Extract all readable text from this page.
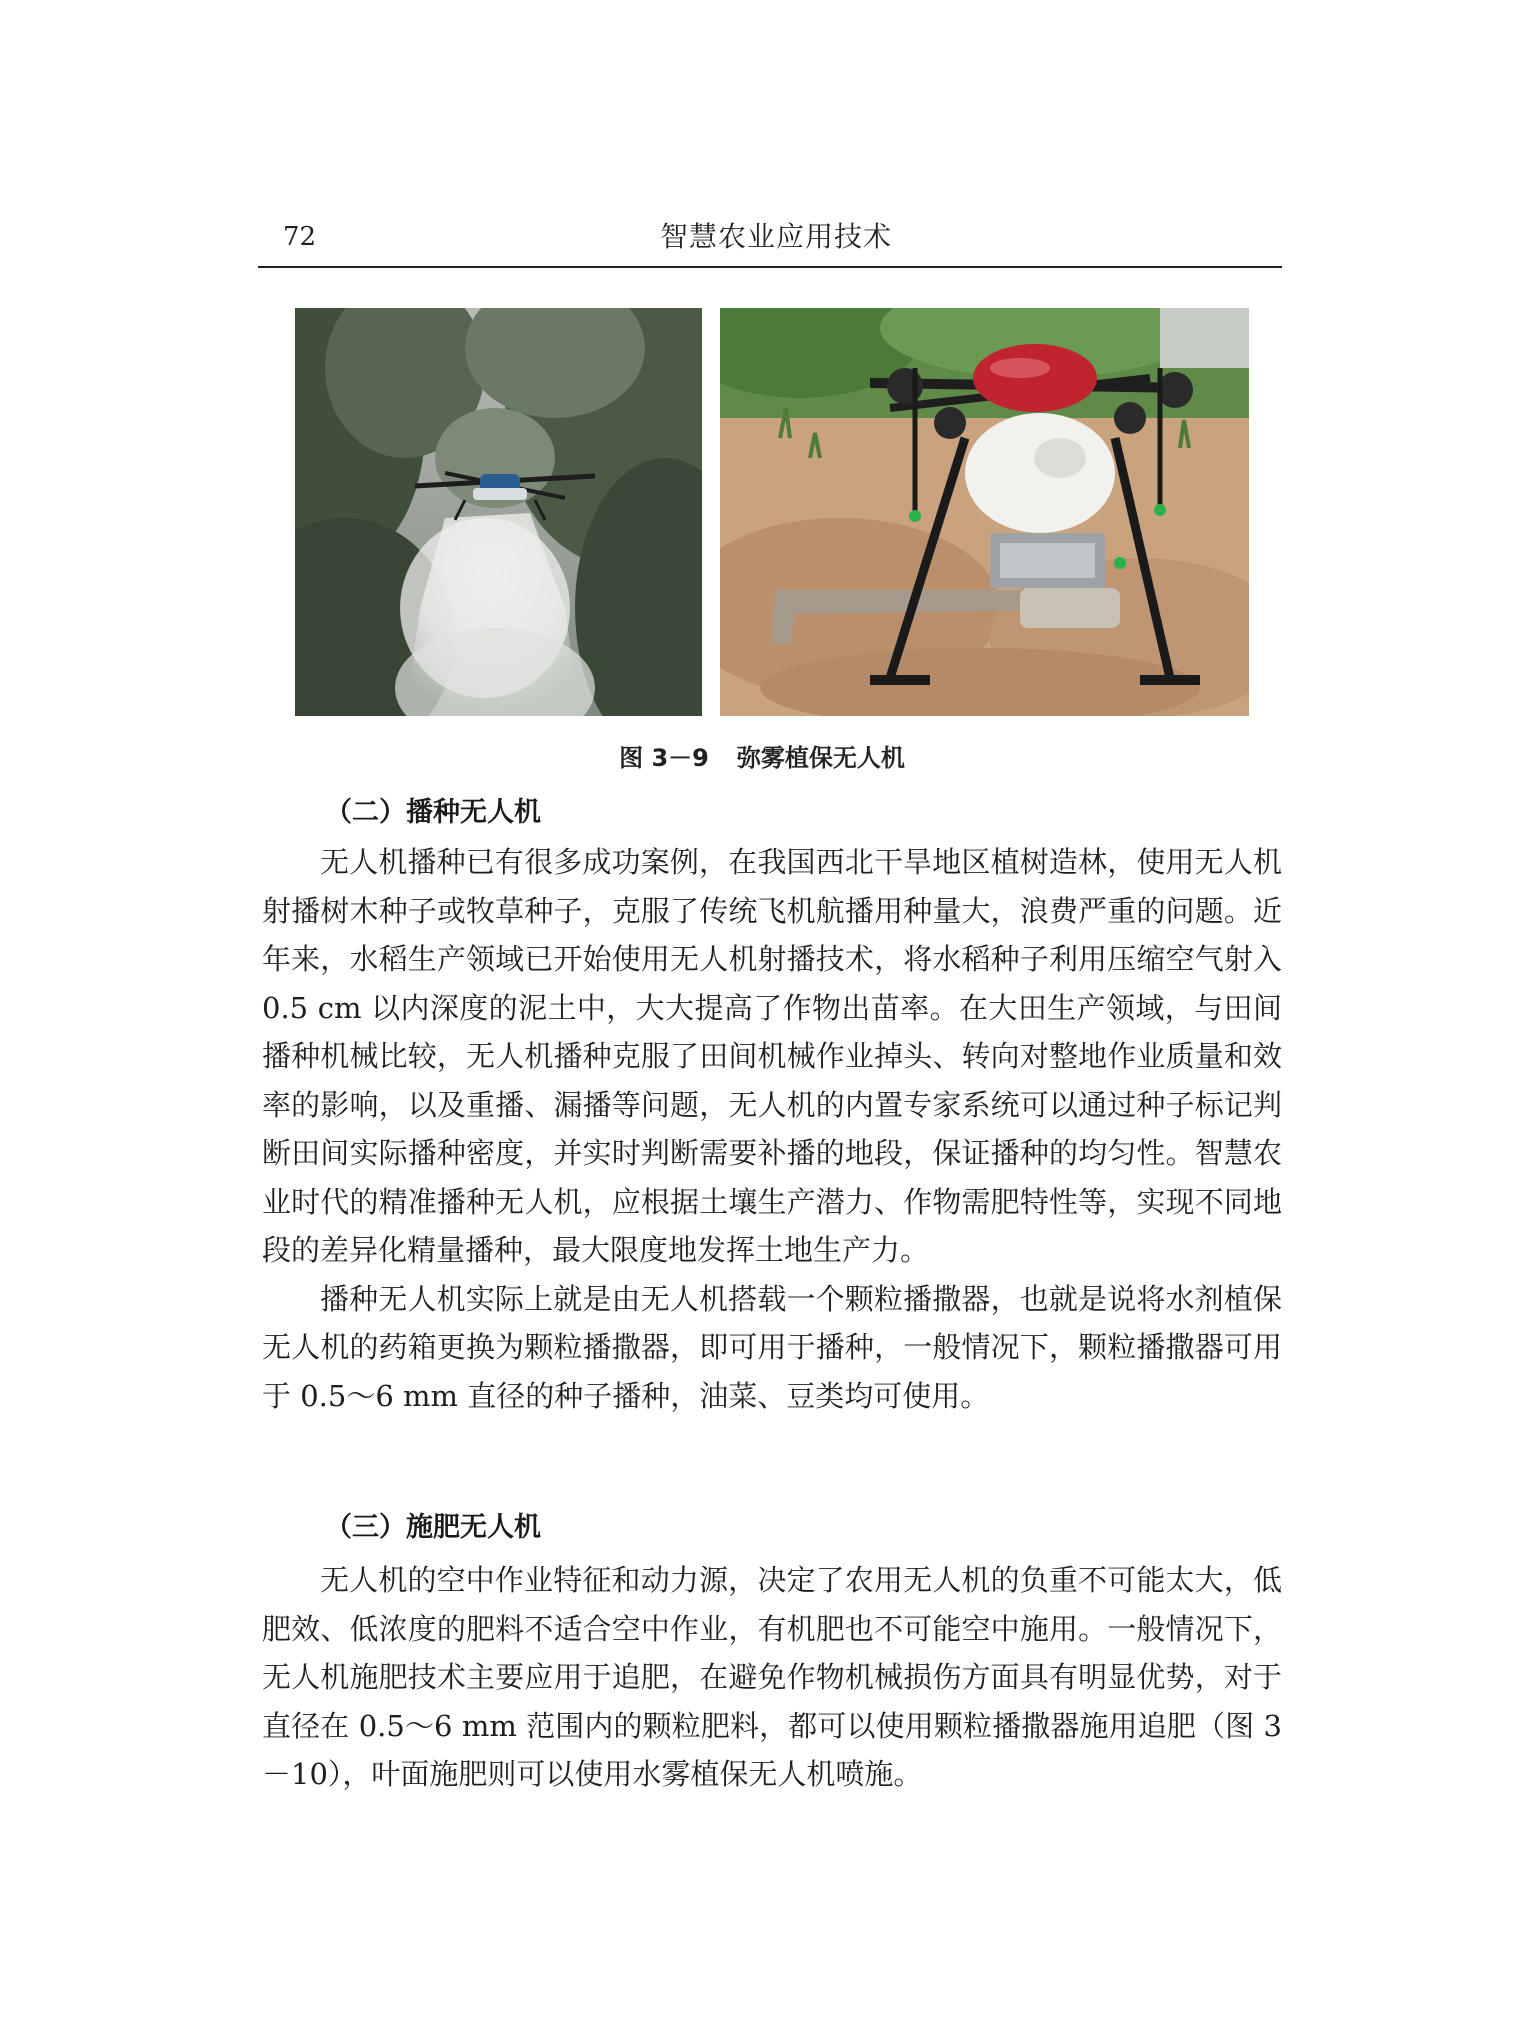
72	智慧农业应用技术
图 3－9 弥雾植保无人机
（二）播种无人机

无人机播种已有很多成功案例，在我国西北干旱地区植树造林，使用无人机射播树木种子或牧草种子，克服了传统飞机航播用种量大，浪费严重的问题。近年来，水稻生产领域已开始使用无人机射播技术，将水稻种子利用压缩空气射入 0.5 cm 以内深度的泥土中，大大提高了作物出苗率。在大田生产领域，与田间播种机械比较，无人机播种克服了田间机械作业掉头、转向对整地作业质量和效率的影响，以及重播、漏播等问题，无人机的内置专家系统可以通过种子标记判断田间实际播种密度，并实时判断需要补播的地段，保证播种的均匀性。智慧农业时代的精准播种无人机，应根据土壤生产潜力、作物需肥特性等，实现不同地段的差异化精量播种，最大限度地发挥土地生产力。

播种无人机实际上就是由无人机搭载一个颗粒播撒器，也就是说将水剂植保无人机的药箱更换为颗粒播撒器，即可用于播种，一般情况下，颗粒播撒器可用于 0.5～6 mm 直径的种子播种，油菜、豆类均可使用。

（三）施肥无人机

无人机的空中作业特征和动力源，决定了农用无人机的负重不可能太大，低肥效、低浓度的肥料不适合空中作业，有机肥也不可能空中施用。一般情况下，无人机施肥技术主要应用于追肥，在避免作物机械损伤方面具有明显优势，对于直径在 0.5～6 mm 范围内的颗粒肥料，都可以使用颗粒播撒器施用追肥（图 3－10），叶面施肥则可以使用水雾植保无人机喷施。
